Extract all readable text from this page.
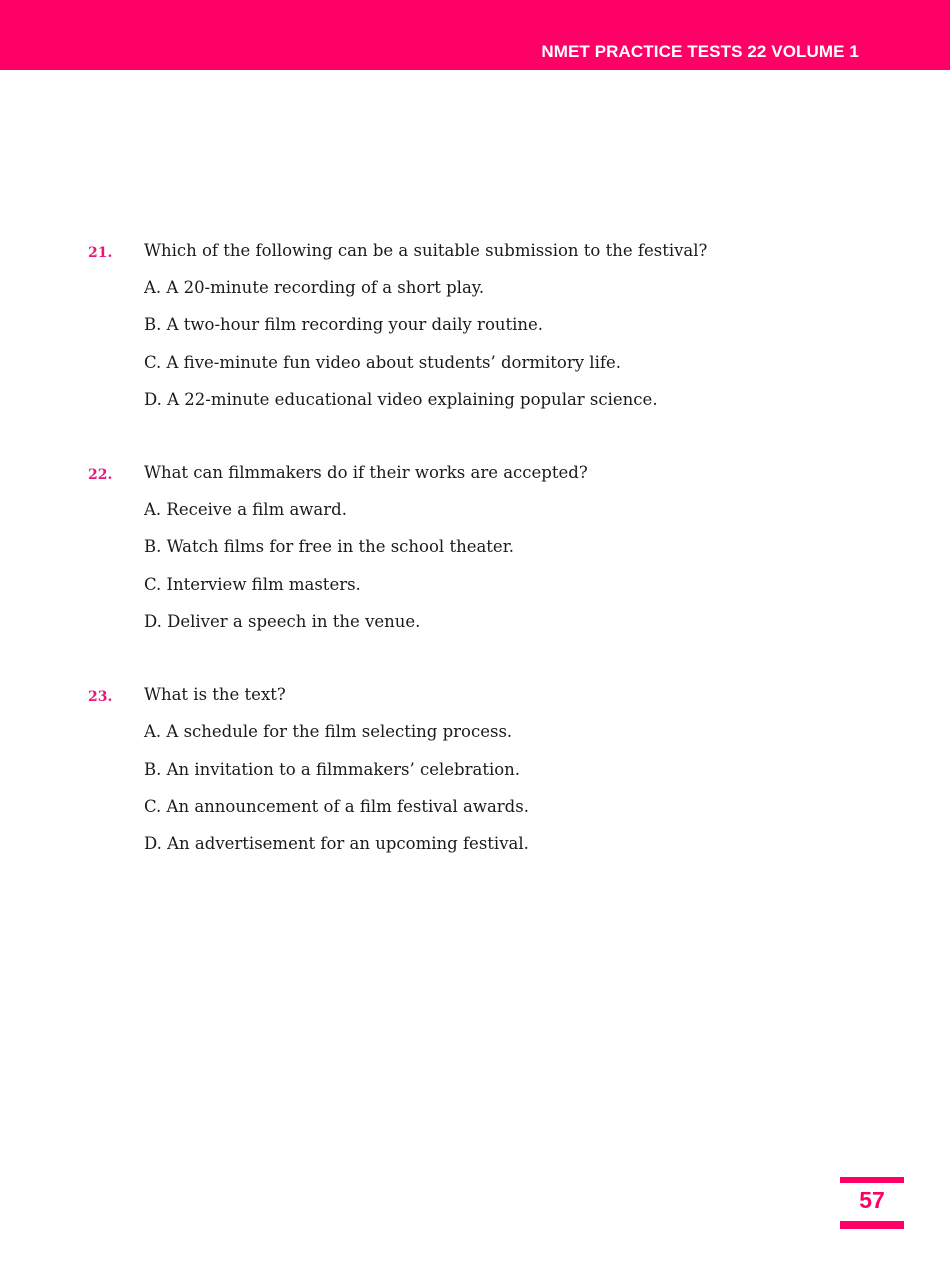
NMET PRACTICE TESTS 22 VOLUME 1
21. Which of the following can be a suitable submission to the festival?
A. A 20-minute recording of a short play.
B. A two-hour film recording your daily routine.
C. A five-minute fun video about students’ dormitory life.
D. A 22-minute educational video explaining popular science.
22. What can filmmakers do if their works are accepted?
A. Receive a film award.
B. Watch films for free in the school theater.
C. Interview film masters.
D. Deliver a speech in the venue.
23. What is the text?
A. A schedule for the film selecting process.
B. An invitation to a filmmakers’ celebration.
C. An announcement of a film festival awards.
D. An advertisement for an upcoming festival.
57
